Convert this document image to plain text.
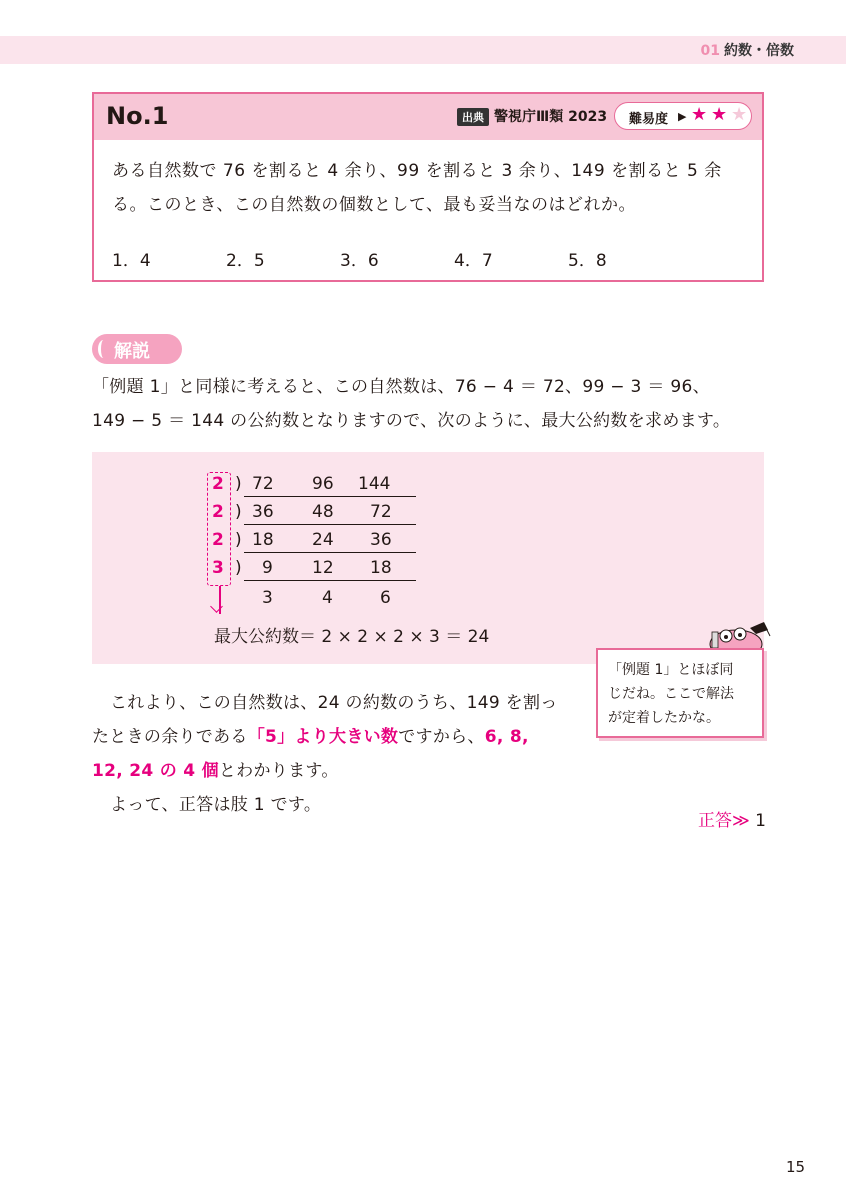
01 約数・倍数
No.1	出典 警視庁Ⅲ類 2023 難易度 ▶ ★ ★ ★
ある自然数で 76 を割ると 4 余り、99 を割ると 3 余り、149 を割ると 5 余る。このとき、この自然数の個数として、最も妥当なのはどれか。
1．4	2．5	3．6	4．7	5．8
解説
「例題 1」と同様に考えると、この自然数は、76 − 4 ＝ 72、99 − 3 ＝ 96、
149 − 5 ＝ 144 の公約数となりますので、次のように、最大公約数を求めます。
2 ) 72 96 144
2 ) 36 48 72
2 ) 18 24 36
3 ) 9 12 18
3	4	6
最大公約数＝ 2 × 2 × 2 × 3 ＝ 24
「例題 1」とほぼ同
じだね。ここで解法
が定着したかな。
これより、この自然数は、24 の約数のうち、149 を割っ
たときの余りである「5」より大きい数ですから、6, 8,
12, 24 の 4 個とわかります。
よって、正答は肢 1 です。
正答≫ 1
15
